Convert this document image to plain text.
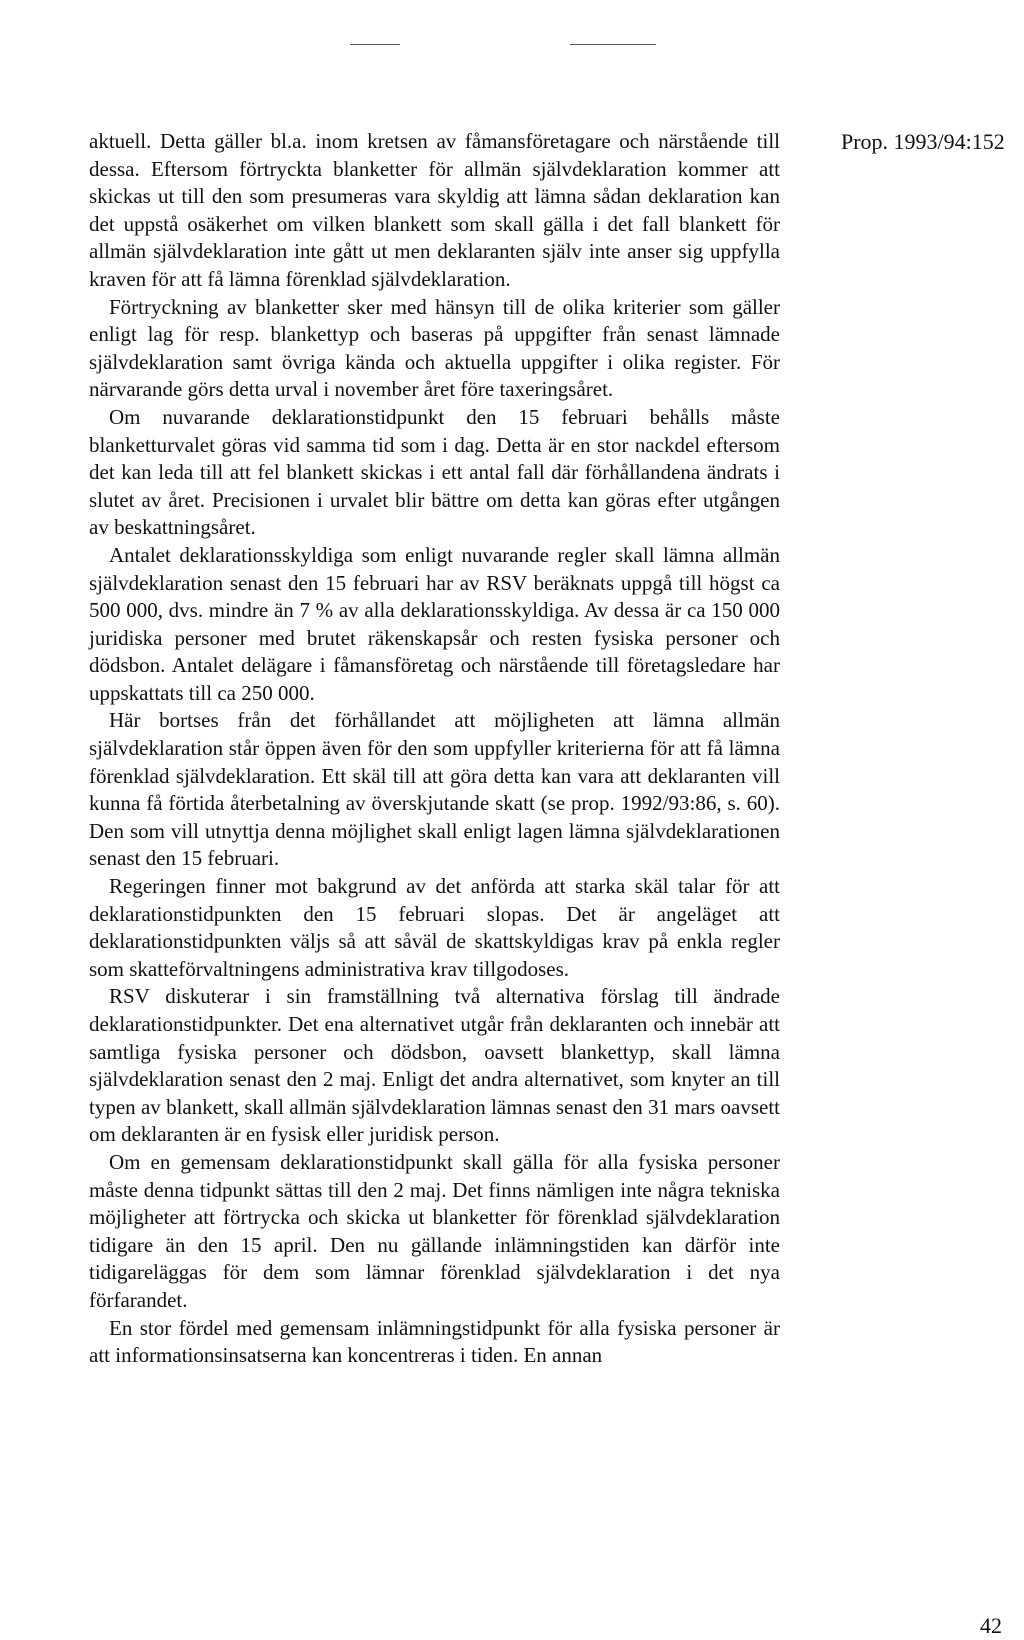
Prop. 1993/94:152

aktuell. Detta gäller bl.a. inom kretsen av fåmansföretagare och närstående till dessa. Eftersom förtryckta blanketter för allmän självdeklaration kommer att skickas ut till den som presumeras vara skyldig att lämna sådan deklaration kan det uppstå osäkerhet om vilken blankett som skall gälla i det fall blankett för allmän självdeklaration inte gått ut men deklaranten själv inte anser sig uppfylla kraven för att få lämna förenklad självdeklaration.

Förtryckning av blanketter sker med hänsyn till de olika kriterier som gäller enligt lag för resp. blankettyp och baseras på uppgifter från senast lämnade självdeklaration samt övriga kända och aktuella uppgifter i olika register. För närvarande görs detta urval i november året före taxeringsåret.

Om nuvarande deklarationstidpunkt den 15 februari behålls måste blanketturvalet göras vid samma tid som i dag. Detta är en stor nackdel eftersom det kan leda till att fel blankett skickas i ett antal fall där förhållandena ändrats i slutet av året. Precisionen i urvalet blir bättre om detta kan göras efter utgången av beskattningsåret.

Antalet deklarationsskyldiga som enligt nuvarande regler skall lämna allmän självdeklaration senast den 15 februari har av RSV beräknats uppgå till högst ca 500 000, dvs. mindre än 7 % av alla deklarationsskyldiga. Av dessa är ca 150 000 juridiska personer med brutet räkenskapsår och resten fysiska personer och dödsbon. Antalet delägare i fåmansföretag och närstående till företagsledare har uppskattats till ca 250 000.

Här bortses från det förhållandet att möjligheten att lämna allmän självdeklaration står öppen även för den som uppfyller kriterierna för att få lämna förenklad självdeklaration. Ett skäl till att göra detta kan vara att deklaranten vill kunna få förtida återbetalning av överskjutande skatt (se prop. 1992/93:86, s. 60). Den som vill utnyttja denna möjlighet skall enligt lagen lämna självdeklarationen senast den 15 februari.

Regeringen finner mot bakgrund av det anförda att starka skäl talar för att deklarationstidpunkten den 15 februari slopas. Det är angeläget att deklarationstidpunkten väljs så att såväl de skattskyldigas krav på enkla regler som skatteförvaltningens administrativa krav tillgodoses.

RSV diskuterar i sin framställning två alternativa förslag till ändrade deklarationstidpunkter. Det ena alternativet utgår från deklaranten och innebär att samtliga fysiska personer och dödsbon, oavsett blankettyp, skall lämna självdeklaration senast den 2 maj. Enligt det andra alternativet, som knyter an till typen av blankett, skall allmän självdeklaration lämnas senast den 31 mars oavsett om deklaranten är en fysisk eller juridisk person.

Om en gemensam deklarationstidpunkt skall gälla för alla fysiska personer måste denna tidpunkt sättas till den 2 maj. Det finns nämligen inte några tekniska möjligheter att förtrycka och skicka ut blanketter för förenklad självdeklaration tidigare än den 15 april. Den nu gällande inlämningstiden kan därför inte tidigareläggas för dem som lämnar förenklad självdeklaration i det nya förfarandet.

En stor fördel med gemensam inlämningstidpunkt för alla fysiska personer är att informationsinsatserna kan koncentreras i tiden. En annan

42
